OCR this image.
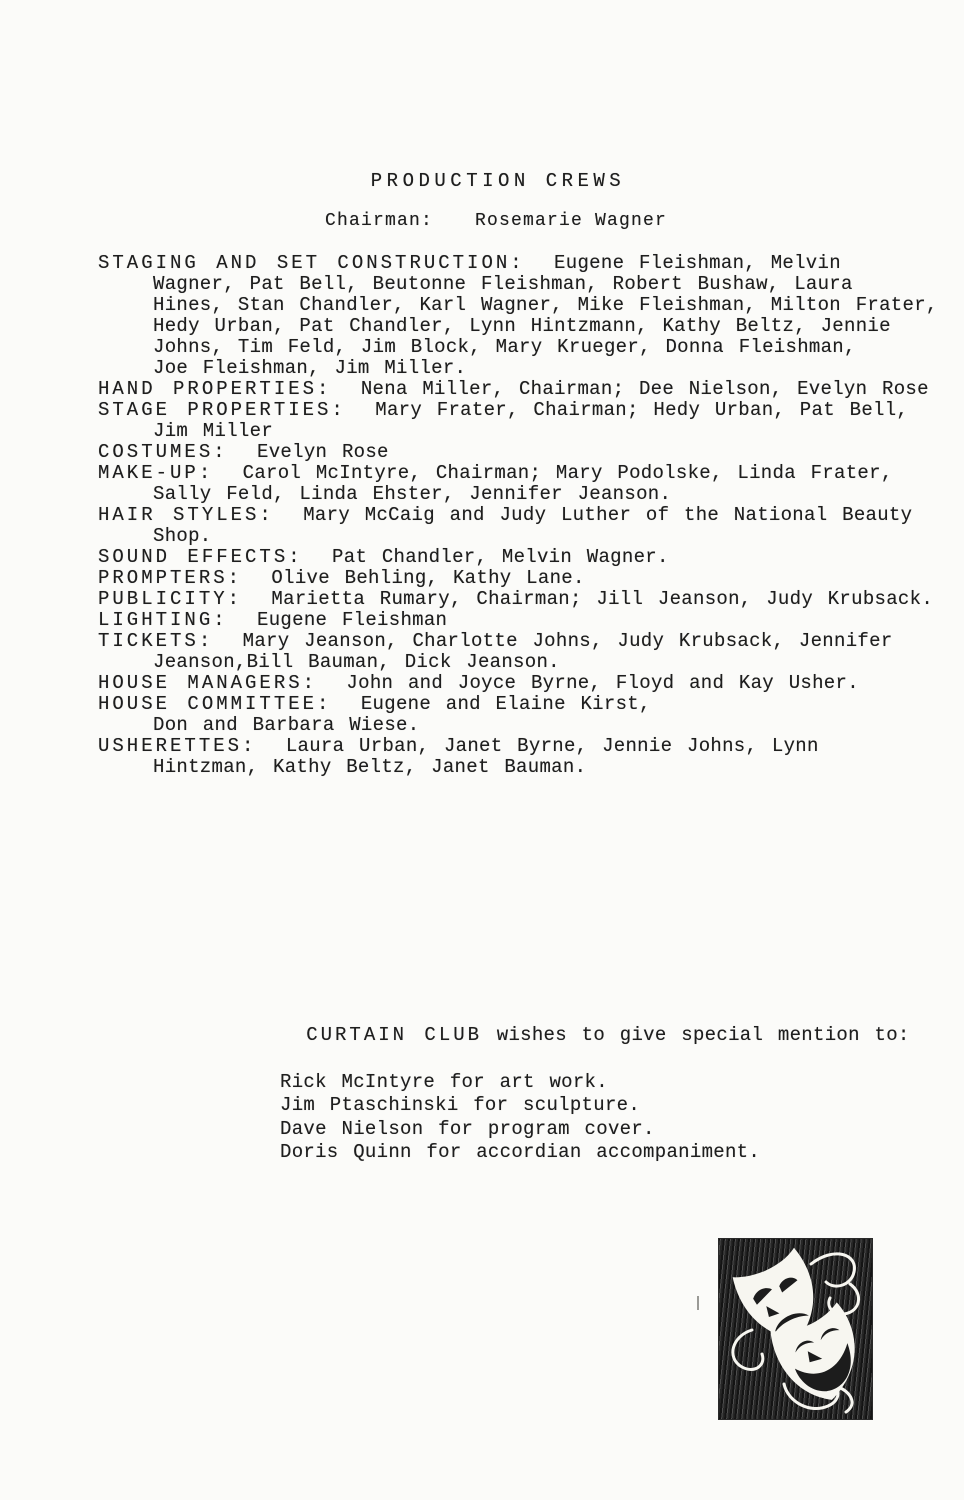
PRODUCTION CREWS
Chairman: Rosemarie Wagner
STAGING AND SET CONSTRUCTION:  Eugene Fleishman, Melvin
Wagner, Pat Bell, Beutonne Fleishman, Robert Bushaw, Laura
Hines, Stan Chandler, Karl Wagner, Mike Fleishman, Milton Frater,
Hedy Urban, Pat Chandler, Lynn Hintzmann, Kathy Beltz, Jennie
Johns, Tim Feld, Jim Block, Mary Krueger, Donna Fleishman,
Joe Fleishman, Jim Miller.
HAND PROPERTIES:  Nena Miller, Chairman; Dee Nielson, Evelyn Rose
STAGE PROPERTIES:  Mary Frater, Chairman; Hedy Urban, Pat Bell,
Jim Miller
COSTUMES:  Evelyn Rose
MAKE-UP:  Carol McIntyre, Chairman; Mary Podolske, Linda Frater,
Sally Feld, Linda Ehster, Jennifer Jeanson.
HAIR STYLES:  Mary McCaig and Judy Luther of the National Beauty
Shop.
SOUND EFFECTS:  Pat Chandler, Melvin Wagner.
PROMPTERS:  Olive Behling, Kathy Lane.
PUBLICITY:  Marietta Rumary, Chairman; Jill Jeanson, Judy Krubsack.
LIGHTING:  Eugene Fleishman
TICKETS:  Mary Jeanson, Charlotte Johns, Judy Krubsack, Jennifer
Jeanson,Bill Bauman, Dick Jeanson.
HOUSE MANAGERS:  John and Joyce Byrne, Floyd and Kay Usher.
HOUSE COMMITTEE:  Eugene and Elaine Kirst,
Don and Barbara Wiese.
USHERETTES:  Laura Urban, Janet Byrne, Jennie Johns, Lynn
Hintzman, Kathy Beltz, Janet Bauman.

CURTAIN CLUB wishes to give special mention to:

Rick McIntyre for art work.
Jim Ptaschinski for sculpture.
Dave Nielson for program cover.
Doris Quinn for accordian accompaniment.
